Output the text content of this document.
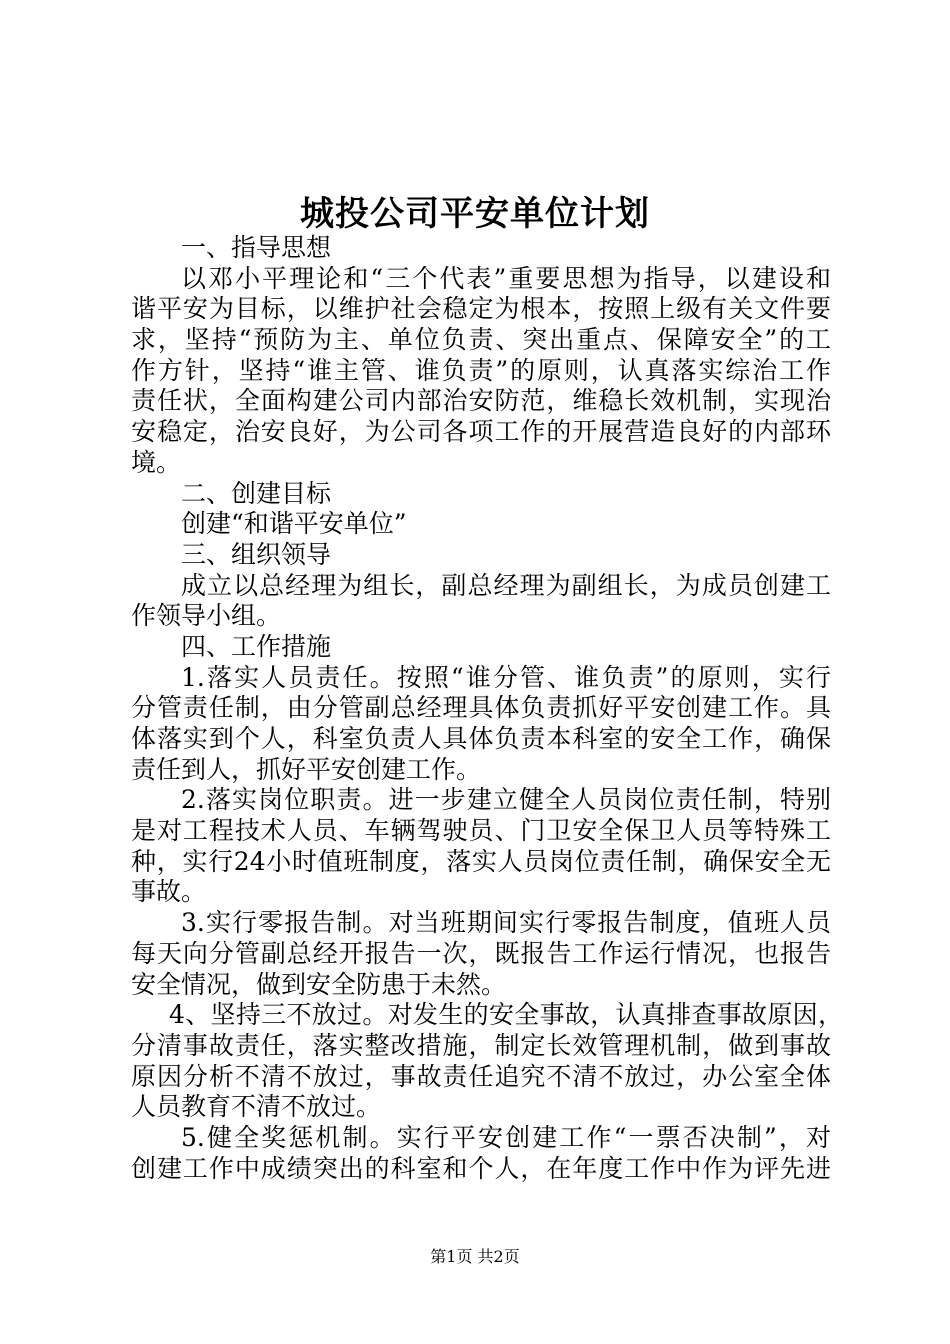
城投公司平安单位计划
一、指导思想
以邓小平理论和“三个代表”重要思想为指导，以建设和
谐平安为目标，以维护社会稳定为根本，按照上级有关文件要
求，坚持“预防为主、单位负责、突出重点、保障安全”的工
作方针，坚持“谁主管、谁负责”的原则，认真落实综治工作
责任状，全面构建公司内部治安防范，维稳长效机制，实现治
安稳定，治安良好，为公司各项工作的开展营造良好的内部环
境。
二、创建目标
创建“和谐平安单位”
三、组织领导
成立以总经理为组长，副总经理为副组长，为成员创建工
作领导小组。
四、工作措施
1.落实人员责任。按照“谁分管、谁负责”的原则，实行
分管责任制，由分管副总经理具体负责抓好平安创建工作。具
体落实到个人，科室负责人具体负责本科室的安全工作，确保
责任到人，抓好平安创建工作。
2.落实岗位职责。进一步建立健全人员岗位责任制，特别
是对工程技术人员、车辆驾驶员、门卫安全保卫人员等特殊工
种，实行24小时值班制度，落实人员岗位责任制，确保安全无
事故。
3.实行零报告制。对当班期间实行零报告制度，值班人员
每天向分管副总经开报告一次，既报告工作运行情况，也报告
安全情况，做到安全防患于未然。
4、坚持三不放过。对发生的安全事故，认真排查事故原因，
分清事故责任，落实整改措施，制定长效管理机制，做到事故
原因分析不清不放过，事故责任追究不清不放过，办公室全体
人员教育不清不放过。
5.健全奖惩机制。实行平安创建工作“一票否决制”，对
创建工作中成绩突出的科室和个人，在年度工作中作为评先进
第1页 共2页
